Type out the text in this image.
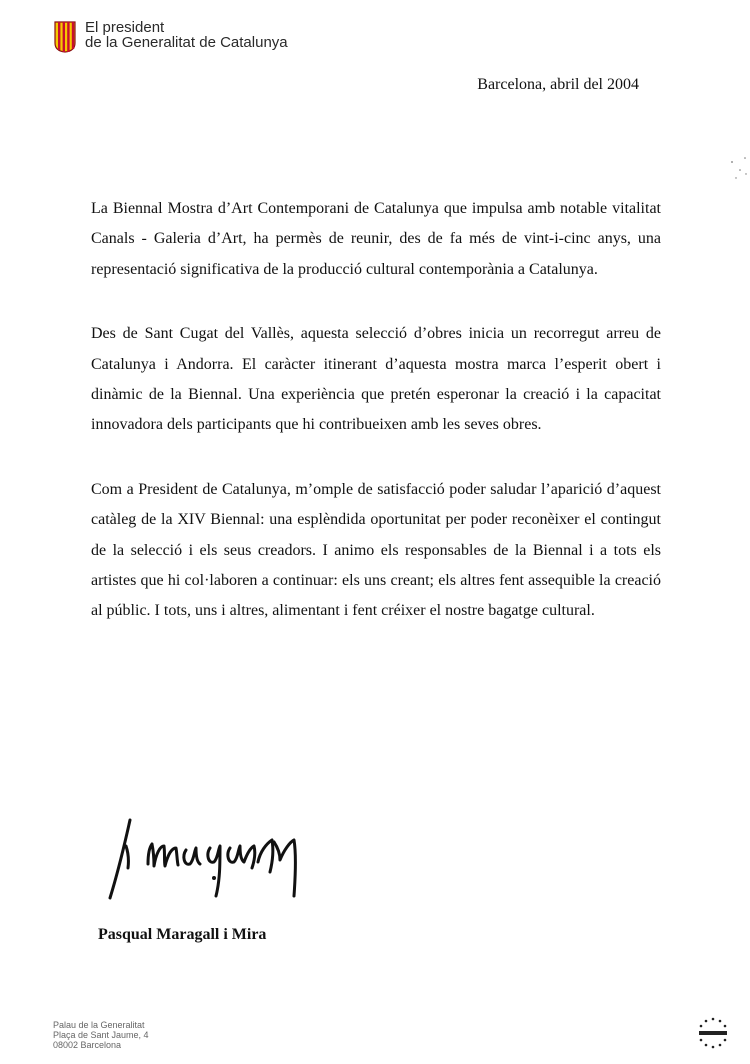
El president
de la Generalitat de Catalunya
Barcelona, abril del 2004

La Biennal Mostra d’Art Contemporani de Catalunya que impulsa amb notable vitalitat Canals - Galeria d’Art, ha permès de reunir, des de fa més de vint-i-cinc anys, una representació significativa de la producció cultural contemporània a Catalunya.

Des de Sant Cugat del Vallès, aquesta selecció d’obres inicia un recorregut arreu de Catalunya i Andorra. El caràcter itinerant d’aquesta mostra marca l’esperit obert i dinàmic de la Biennal. Una experiència que pretén esperonar la creació i la capacitat innovadora dels participants que hi contribueixen amb les seves obres.

Com a President de Catalunya, m’omple de satisfacció poder saludar l’aparició d’aquest catàleg de la XIV Biennal: una esplèndida oportunitat per poder reconèixer el contingut de la selecció i els seus creadors. I animo els responsables de la Biennal i a tots els artistes que hi col·laboren a continuar: els uns creant; els altres fent assequible la creació al públic. I tots, uns i altres, alimentant i fent créixer el nostre bagatge cultural.

Pasqual Maragall i Mira
Palau de la Generalitat
Plaça de Sant Jaume, 4
08002 Barcelona
